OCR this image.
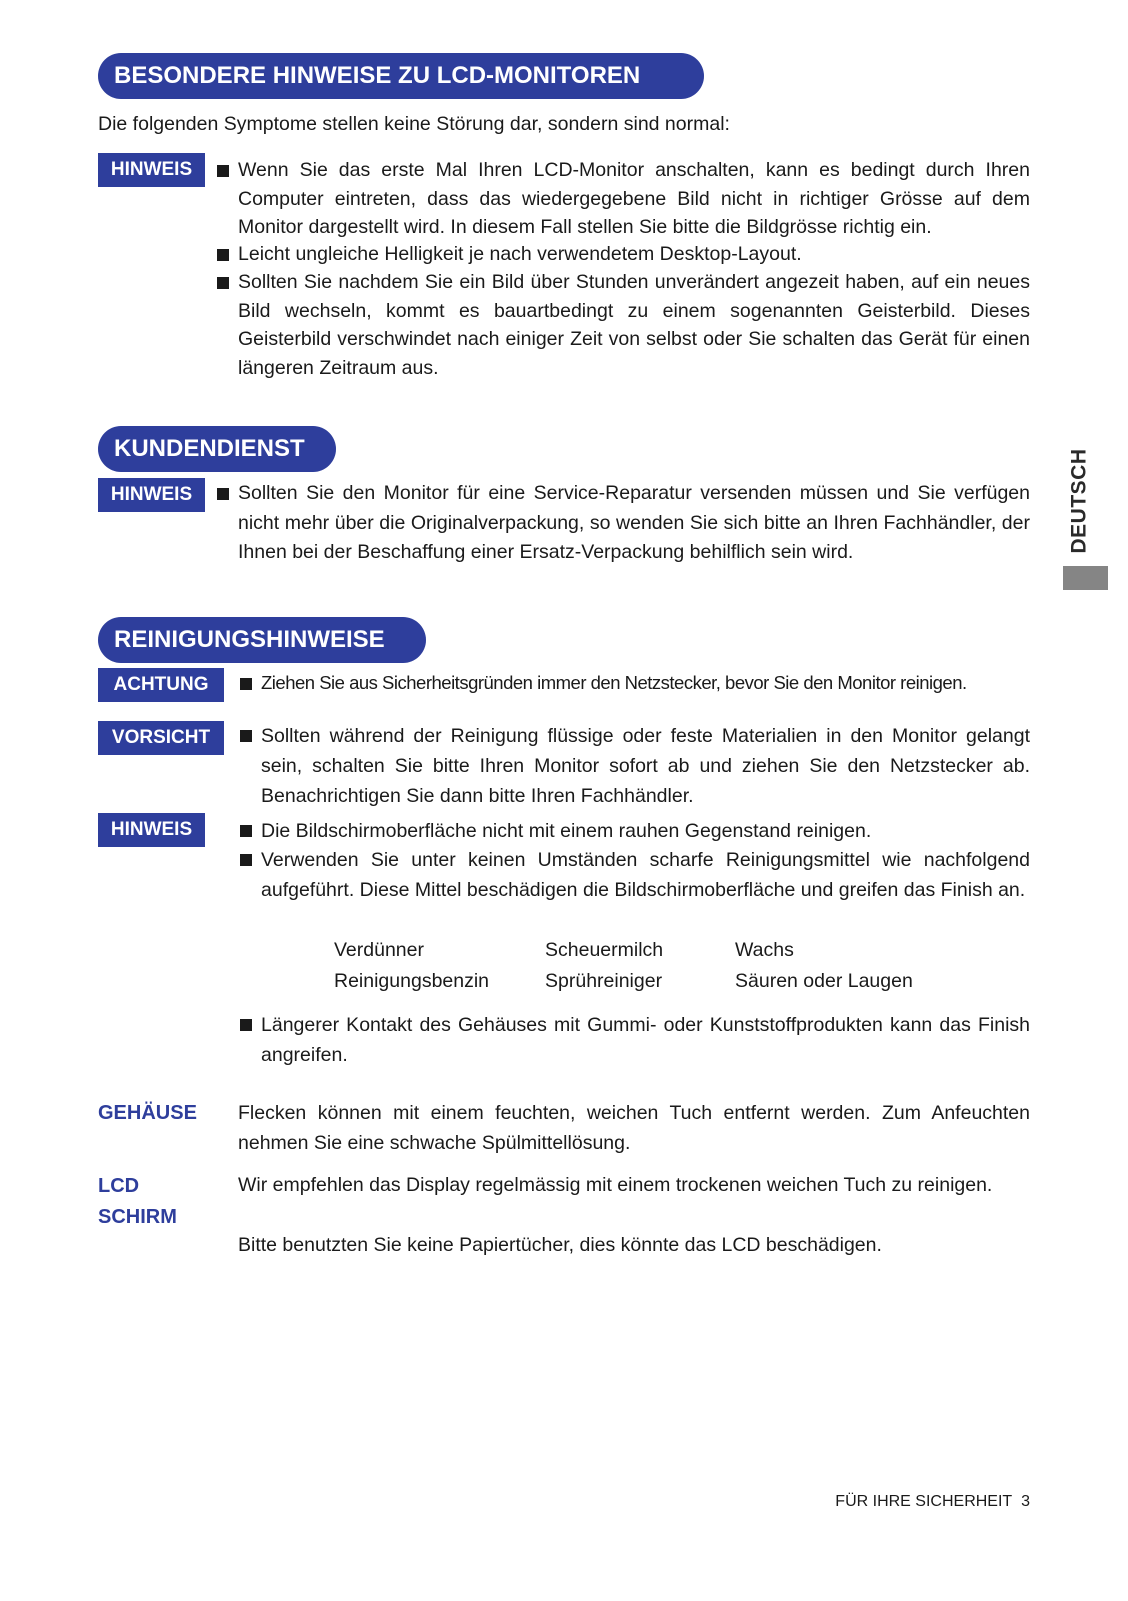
BESONDERE HINWEISE ZU LCD-MONITOREN
Die folgenden Symptome stellen keine Störung dar, sondern sind normal:
HINWEIS	Wenn Sie das erste Mal Ihren LCD-Monitor anschalten, kann es bedingt durch Ihren Computer eintreten, dass das wiedergegebene Bild nicht in richtiger Grösse auf dem Monitor dargestellt wird. In diesem Fall stellen Sie bitte die Bildgrösse richtig ein.
Leicht ungleiche Helligkeit je nach verwendetem Desktop-Layout.
Sollten Sie nachdem Sie ein Bild über Stunden unverändert angezeit haben, auf ein neues Bild wechseln, kommt es bauartbedingt zu einem sogenannten Geisterbild. Dieses Geisterbild verschwindet nach einiger Zeit von selbst oder Sie schalten das Gerät für einen längeren Zeitraum aus.
KUNDENDIENST
HINWEIS	Sollten Sie den Monitor für eine Service-Reparatur versenden müssen und Sie verfügen nicht mehr über die Originalverpackung, so wenden Sie sich bitte an Ihren Fachhändler, der Ihnen bei der Beschaffung einer Ersatz-Verpackung behilflich sein wird.	DEUTSCH
REINIGUNGSHINWEISE
ACHTUNG	Ziehen Sie aus Sicherheitsgründen immer den Netzstecker, bevor Sie den Monitor reinigen.
VORSICHT	Sollten während der Reinigung flüssige oder feste Materialien in den Monitor gelangt sein, schalten Sie bitte Ihren Monitor sofort ab und ziehen Sie den Netzstecker ab. Benachrichtigen Sie dann bitte Ihren Fachhändler.
HINWEIS	Die Bildschirmoberfläche nicht mit einem rauhen Gegenstand reinigen.
Verwenden Sie unter keinen Umständen scharfe Reinigungsmittel wie nachfolgend aufgeführt. Diese Mittel beschädigen die Bildschirmoberfläche und greifen das Finish an.
Verdünner	Scheuermilch	Wachs
Reinigungsbenzin	Sprühreiniger	Säuren oder Laugen
Längerer Kontakt des Gehäuses mit Gummi- oder Kunststoffprodukten kann das Finish angreifen.
GEHÄUSE Flecken können mit einem feuchten, weichen Tuch entfernt werden. Zum Anfeuchten nehmen Sie eine schwache Spülmittellösung.
LCD
SCHIRM
Wir empfehlen das Display regelmässig mit einem trockenen weichen Tuch zu reinigen.
Bitte benutzten Sie keine Papiertücher, dies könnte das LCD beschädigen.
FÜR IHRE SICHERHEIT 3
